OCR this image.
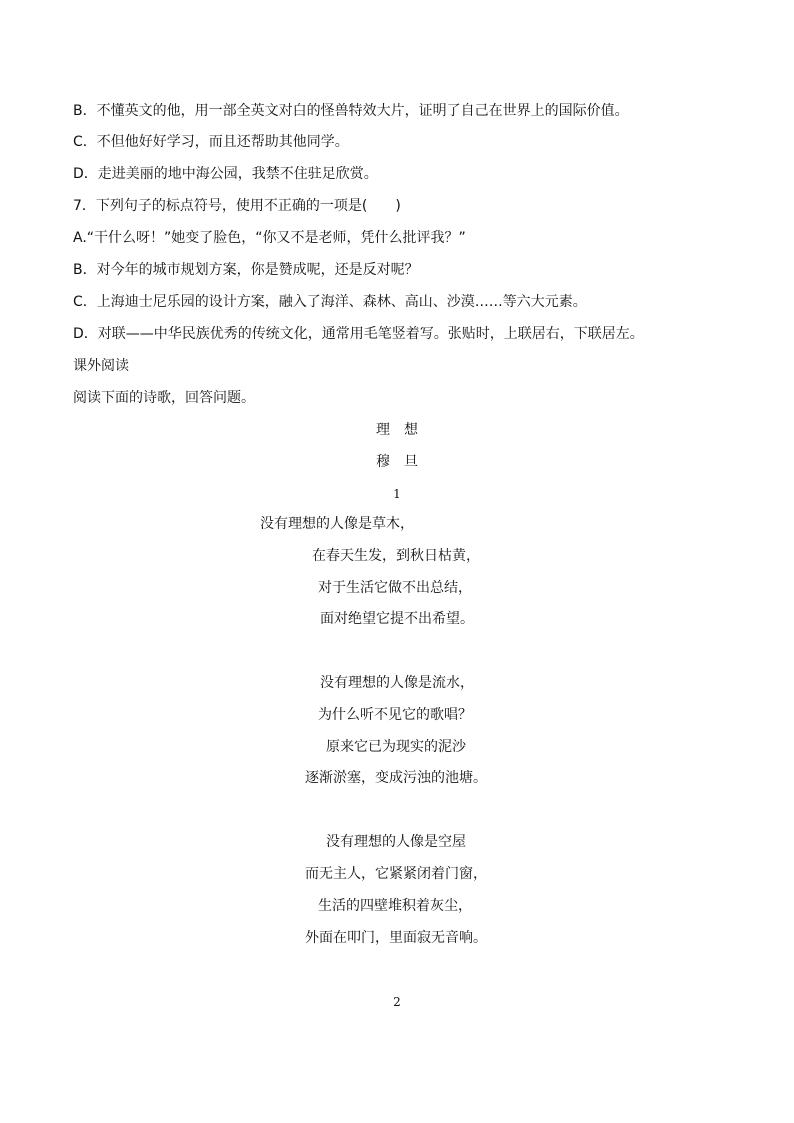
B．不懂英文的他，用一部全英文对白的怪兽特效大片，证明了自己在世界上的国际价值。
C．不但他好好学习，而且还帮助其他同学。
D．走进美丽的地中海公园，我禁不住驻足欣赏。
7．下列句子的标点符号，使用不正确的一项是(　　)
A.“干什么呀！”她变了脸色，“你又不是老师，凭什么批评我？”
B．对今年的城市规划方案，你是赞成呢，还是反对呢？
C．上海迪士尼乐园的设计方案，融入了海洋、森林、高山、沙漠……等六大元素。
D．对联——中华民族优秀的传统文化，通常用毛笔竖着写。张贴时，上联居右，下联居左。
课外阅读
阅读下面的诗歌，回答问题。
理想
穆旦
1
没有理想的人像是草木，
在春天生发，到秋日枯黄，
对于生活它做不出总结，
面对绝望它提不出希望。
没有理想的人像是流水，
为什么听不见它的歌唱？
原来它已为现实的泥沙
逐渐淤塞，变成污浊的池塘。
没有理想的人像是空屋
而无主人，它紧紧闭着门窗，
生活的四壁堆积着灰尘，
外面在叩门，里面寂无音响。
2
